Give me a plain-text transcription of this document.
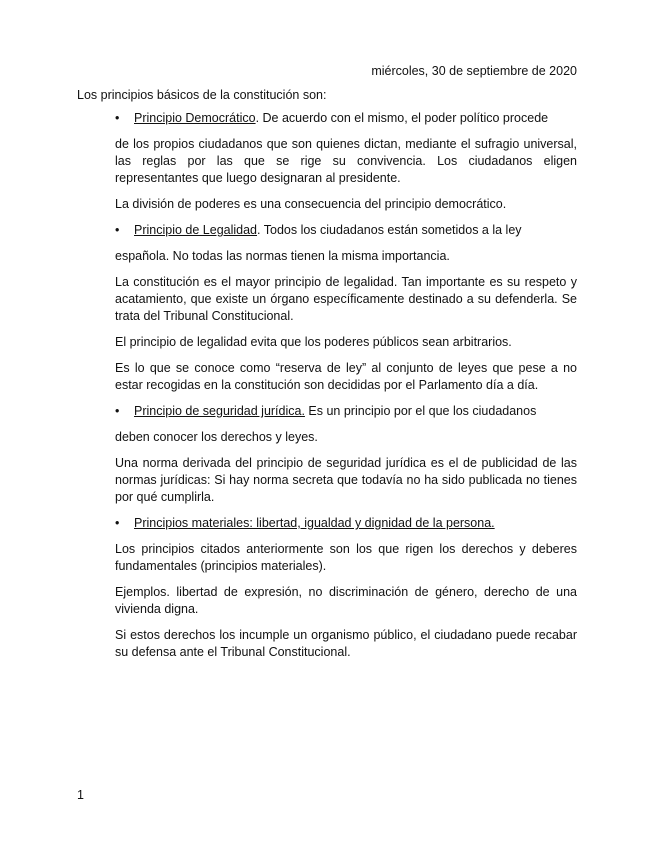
miércoles, 30 de septiembre de 2020
Los principios básicos de la constitución son:

•	Principio Democrático. De acuerdo con el mismo, el poder político procede

de los propios ciudadanos que son quienes dictan, mediante el sufragio universal, las reglas por las que se rige su convivencia. Los ciudadanos eligen representantes que luego designaran al presidente.

La división de poderes es una consecuencia del principio democrático.

•	Principio de Legalidad. Todos los ciudadanos están sometidos a la ley

española. No todas las normas tienen la misma importancia.

La constitución es el mayor principio de legalidad. Tan importante es su respeto y acatamiento, que existe un órgano específicamente destinado a su defenderla. Se trata del Tribunal Constitucional.

El principio de legalidad evita que los poderes públicos sean arbitrarios.

Es lo que se conoce como “reserva de ley” al conjunto de leyes que pese a no estar recogidas en la constitución son decididas por el Parlamento día a día.

•	Principio de seguridad jurídica. Es un principio por el que los ciudadanos

deben conocer los derechos y leyes.

Una norma derivada del principio de seguridad jurídica es el de publicidad de las normas jurídicas: Si hay norma secreta que todavía no ha sido publicada no tienes por qué cumplirla.

•	Principios materiales: libertad, igualdad y dignidad de la persona.

Los principios citados anteriormente son los que rigen los derechos y deberes fundamentales (principios materiales).

Ejemplos. libertad de expresión, no discriminación de género, derecho de una vivienda digna.

Si estos derechos los incumple un organismo público, el ciudadano puede recabar su defensa ante el Tribunal Constitucional.

1
